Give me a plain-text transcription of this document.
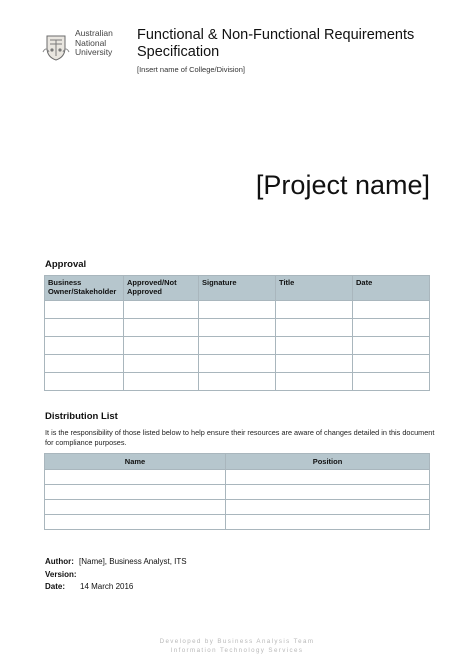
Australian
National
University
Functional & Non-Functional Requirements Specification
[Insert name of College/Division]
[Project name]
Approval
Business Owner/Stakeholder	Approved/Not Approved	Signature	Title	Date

Distribution List
It is the responsibility of those listed below to help ensure their resources are aware of changes detailed in this document for compliance purposes.
Name	Position

Author: [Name], Business Analyst, ITS
Version:
Date:	14 March 2016
Developed by Business Analysis Team
Information Technology Services
